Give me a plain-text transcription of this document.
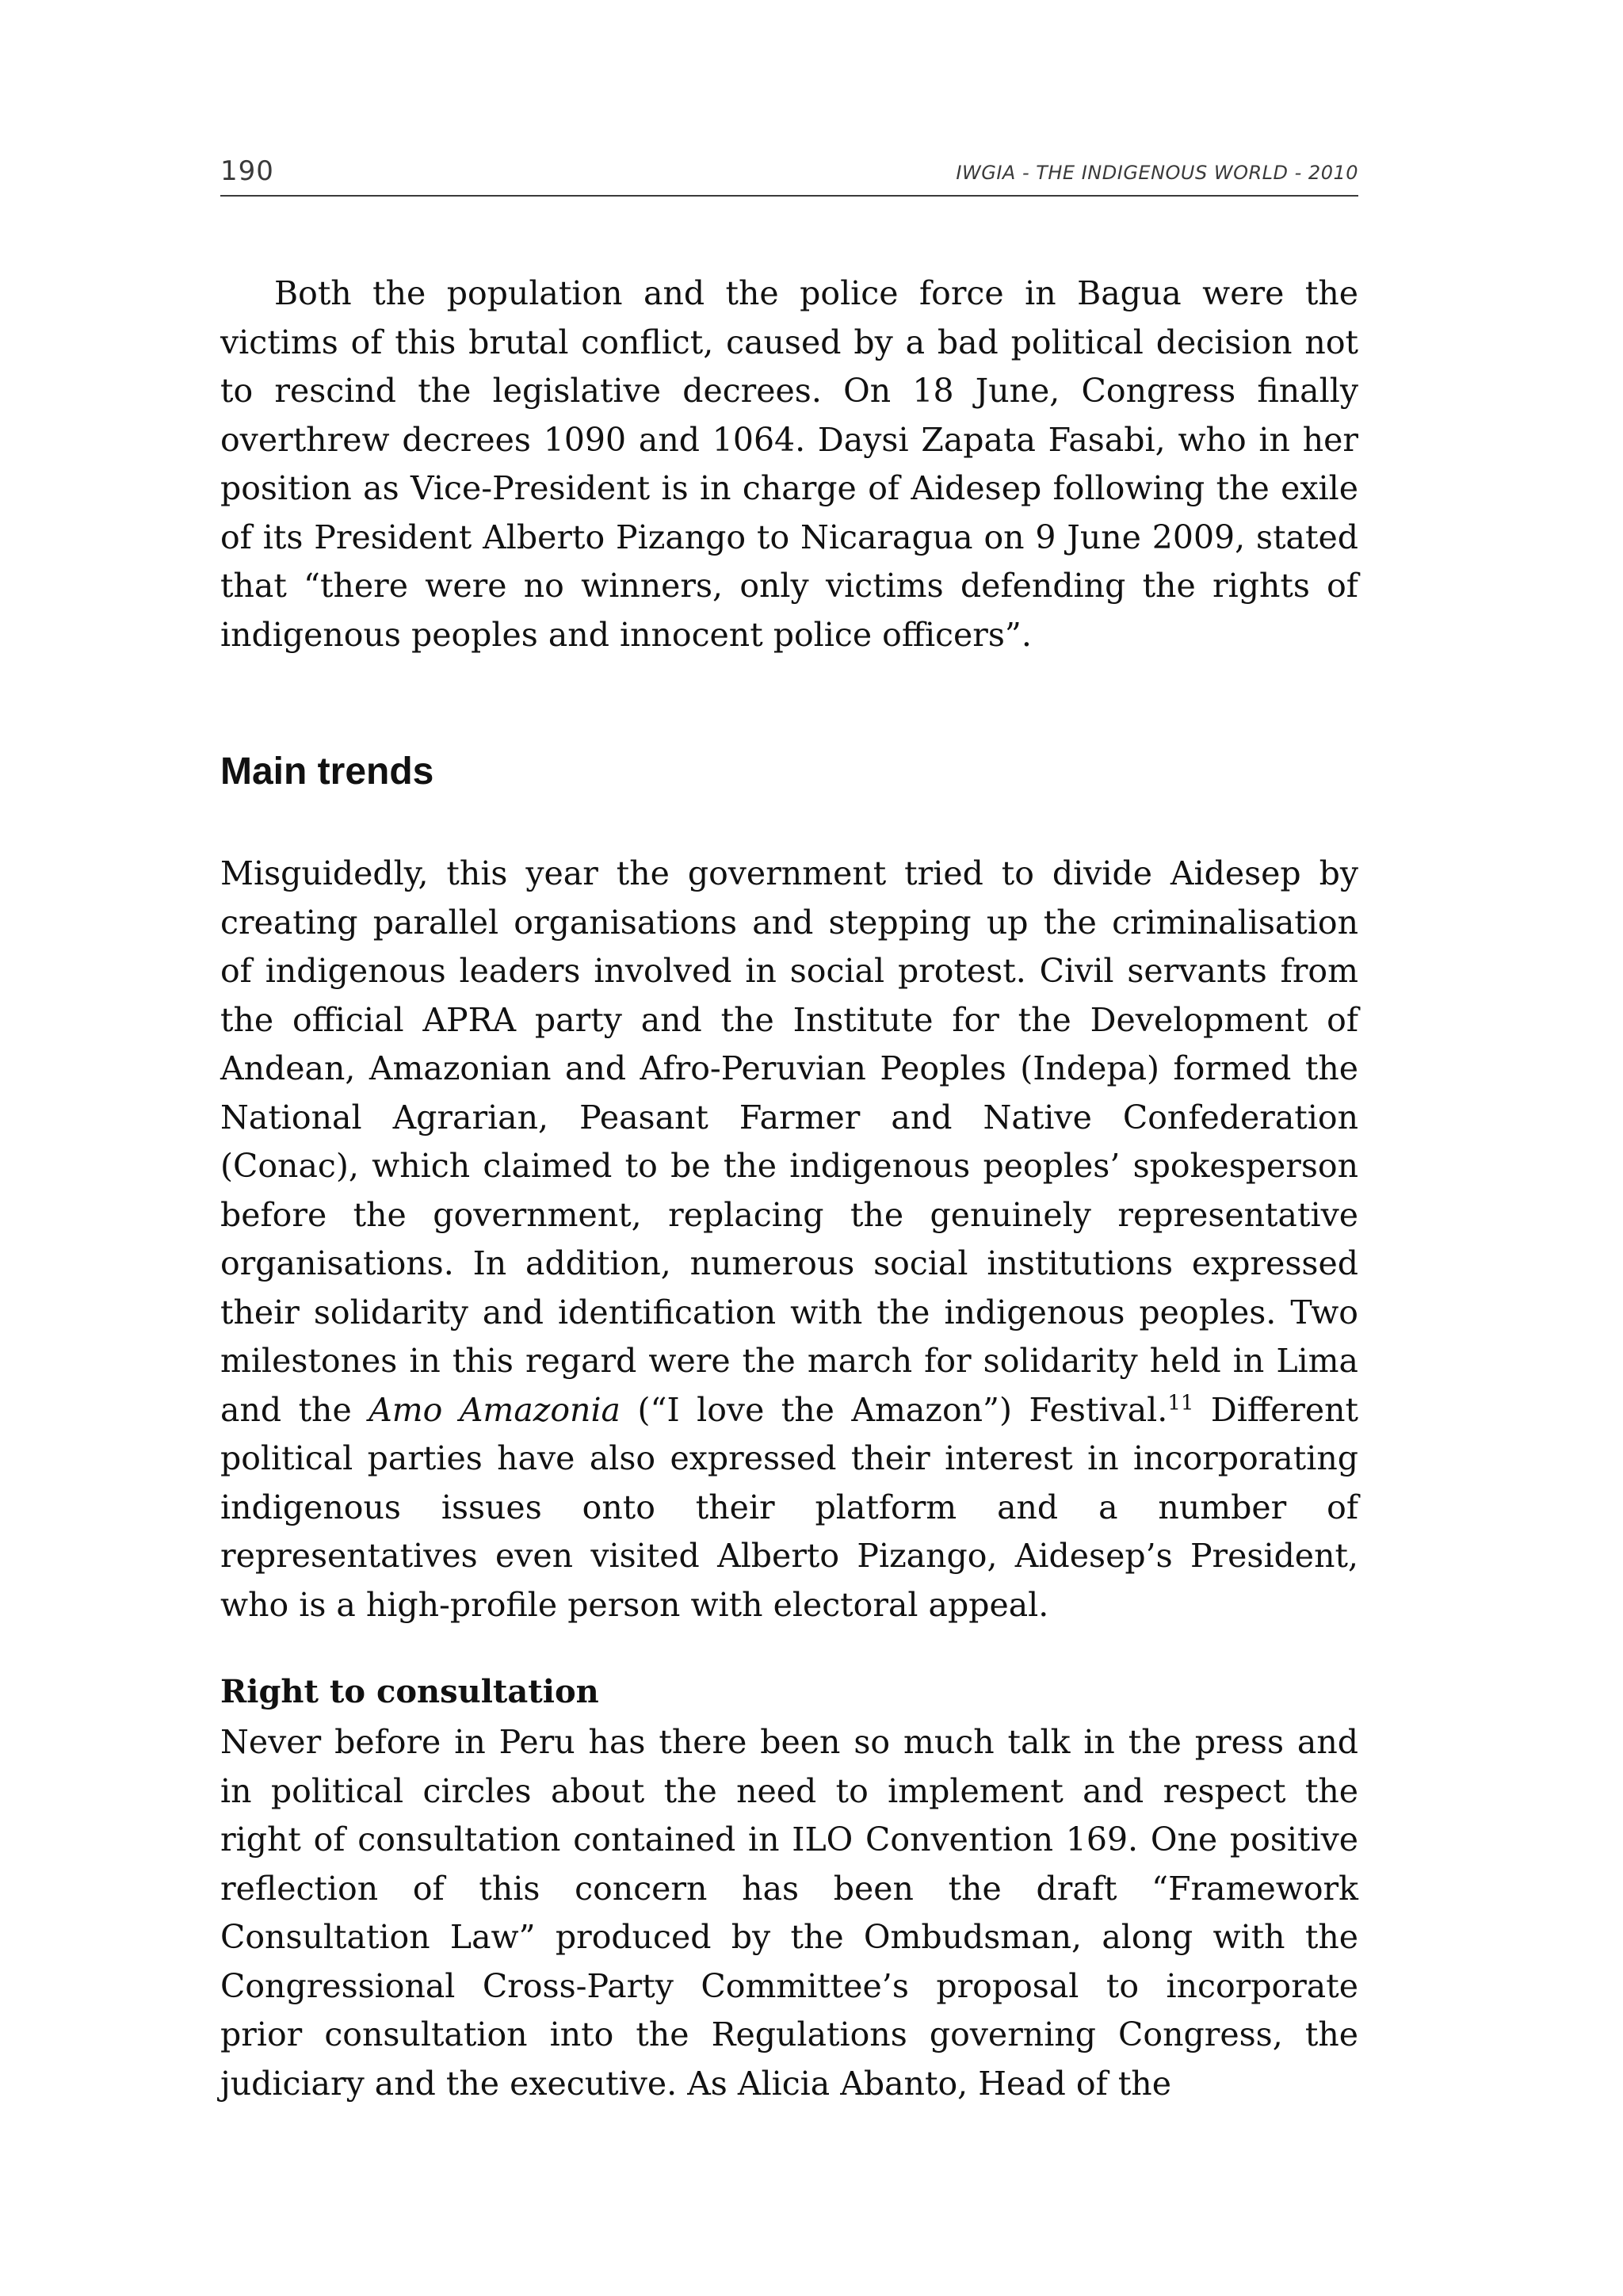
190	IWGIA - THE INDIGENOUS WORLD - 2010

Both the population and the police force in Bagua were the victims of this brutal conflict, caused by a bad political decision not to rescind the legislative decrees. On 18 June, Congress finally overthrew decrees 1090 and 1064. Daysi Zapata Fasabi, who in her position as Vice-President is in charge of Aidesep following the exile of its President Alberto Pizango to Nicaragua on 9 June 2009, stated that “there were no winners, only victims defending the rights of indigenous peoples and innocent police officers”.

Main trends

Misguidedly, this year the government tried to divide Aidesep by creating parallel organisations and stepping up the criminalisation of indigenous leaders involved in social protest. Civil servants from the official APRA party and the Institute for the Development of Andean, Amazonian and Afro-Peruvian Peoples (Indepa) formed the National Agrarian, Peasant Farmer and Native Confederation (Conac), which claimed to be the indigenous peoples’ spokesperson before the government, replacing the genuinely representative organisations. In addition, numerous social institutions expressed their solidarity and identification with the indigenous peoples. Two milestones in this regard were the march for solidarity held in Lima and the Amo Amazonia (“I love the Amazon”) Festival.$^{11}$ Different political parties have also expressed their interest in incorporating indigenous issues onto their platform and a number of representatives even visited Alberto Pizango, Aidesep’s President, who is a high-profile person with electoral appeal.

Right to consultation

Never before in Peru has there been so much talk in the press and in political circles about the need to implement and respect the right of consultation contained in ILO Convention 169. One positive reflection of this concern has been the draft “Framework Consultation Law” produced by the Ombudsman, along with the Congressional Cross-Party Committee’s proposal to incorporate prior consultation into the Regulations governing Congress, the judiciary and the executive. As Alicia Abanto, Head of the
